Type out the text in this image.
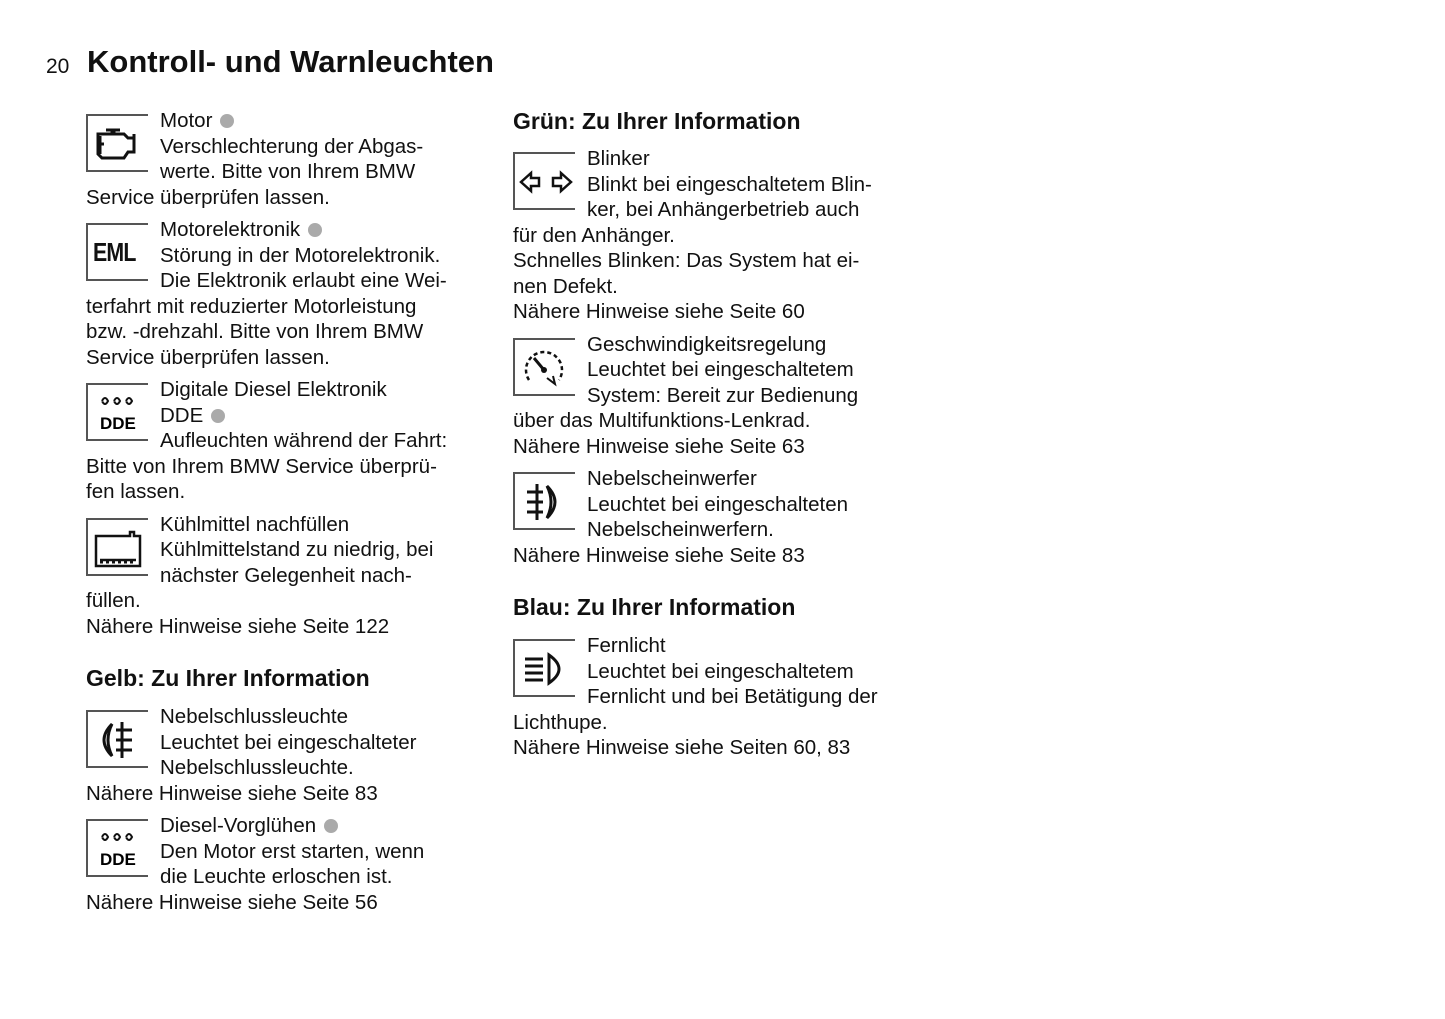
20 Kontroll- und Warnleuchten

Motor

Verschlechterung der Abgas-

werte. Bitte von Ihrem BMW

Service überprüfen lassen.

EML

Motorelektronik

Störung in der Motorelektronik.

Die Elektronik erlaubt eine Wei-

terfahrt mit reduzierter Motorleistung

bzw. -drehzahl. Bitte von Ihrem BMW

Service überprüfen lassen.

DDE

Digitale Diesel Elektronik

DDE

Aufleuchten während der Fahrt:

Bitte von Ihrem BMW Service überprü-

fen lassen.

Kühlmittel nachfüllen

Kühlmittelstand zu niedrig, bei

nächster Gelegenheit nach-

füllen.

Nähere Hinweise siehe Seite 122

Gelb: Zu Ihrer Information

Nebelschlussleuchte

Leuchtet bei eingeschalteter

Nebelschlussleuchte.

Nähere Hinweise siehe Seite 83

DDE

Diesel-Vorglühen

Den Motor erst starten, wenn

die Leuchte erloschen ist.

Nähere Hinweise siehe Seite 56

Grün: Zu Ihrer Information

Blinker

Blinkt bei eingeschaltetem Blin-

ker, bei Anhängerbetrieb auch

für den Anhänger.

Schnelles Blinken: Das System hat ei-

nen Defekt.

Nähere Hinweise siehe Seite 60

Geschwindigkeitsregelung

Leuchtet bei eingeschaltetem

System: Bereit zur Bedienung

über das Multifunktions-Lenkrad.

Nähere Hinweise siehe Seite 63

Nebelscheinwerfer

Leuchtet bei eingeschalteten

Nebelscheinwerfern.

Nähere Hinweise siehe Seite 83

Blau: Zu Ihrer Information

Fernlicht

Leuchtet bei eingeschaltetem

Fernlicht und bei Betätigung der

Lichthupe.

Nähere Hinweise siehe Seiten 60, 83
